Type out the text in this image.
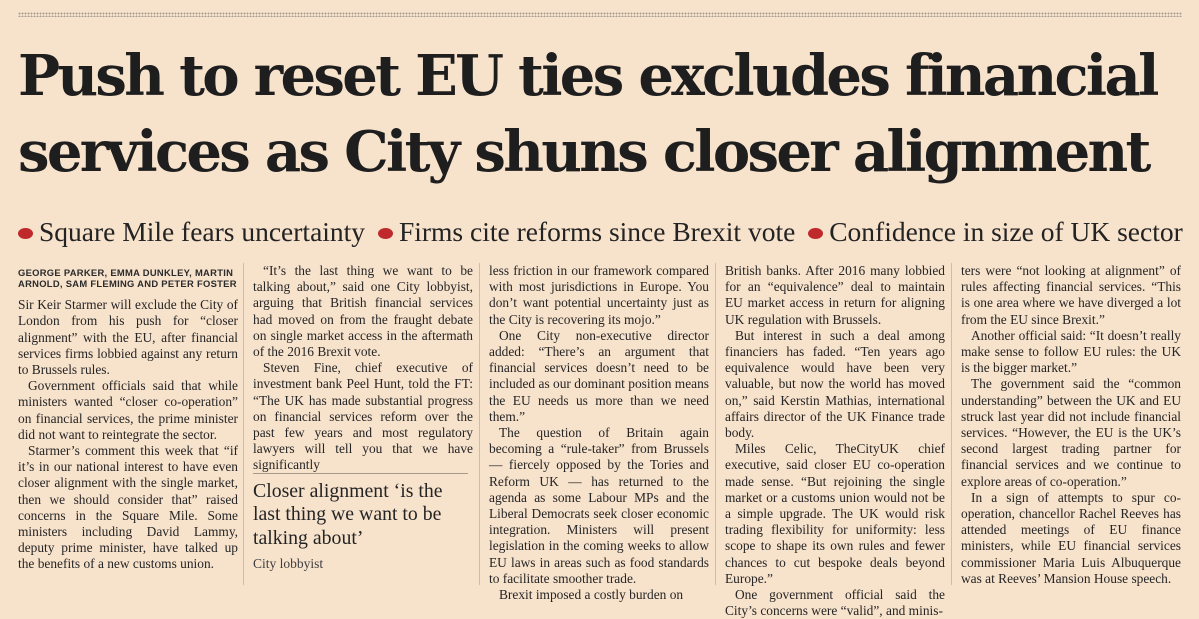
Push to reset EU ties excludes financial
services as City shuns closer alignment
Square Mile fears uncertainty Firms cite reforms since Brexit vote Confidence in size of UK sector
GEORGE PARKER, EMMA DUNKLEY, MARTIN ARNOLD, SAM FLEMING AND PETER FOSTER

Sir Keir Starmer will exclude the City of London from his push for “closer alignment” with the EU, after financial services firms lobbied against any return to Brussels rules.

Government officials said that while ministers wanted “closer co-operation” on financial services, the prime minister did not want to reintegrate the sector.

Starmer’s comment this week that “if it’s in our national interest to have even closer alignment with the single market, then we should consider that” raised concerns in the Square Mile. Some ministers including David Lammy, deputy prime minister, have talked up the benefits of a new customs union.

“It’s the last thing we want to be talking about,” said one City lobbyist, arguing that British financial services had moved on from the fraught debate on single market access in the aftermath of the 2016 Brexit vote.

Steven Fine, chief executive of investment bank Peel Hunt, told the FT: “The UK has made substantial progress on financial services reform over the past few years and most regulatory lawyers will tell you that we have significantly

Closer alignment ‘is the last thing we want to be talking about’
City lobbyist

less friction in our framework compared with most jurisdictions in Europe. You don’t want potential uncertainty just as the City is recovering its mojo.”

One City non-executive director added: “There’s an argument that financial services doesn’t need to be included as our dominant position means the EU needs us more than we need them.”

The question of Britain again becoming a “rule-taker” from Brussels — fiercely opposed by the Tories and Reform UK — has returned to the agenda as some Labour MPs and the Liberal Democrats seek closer economic integration. Ministers will present legislation in the coming weeks to allow EU laws in areas such as food standards to facilitate smoother trade.

Brexit imposed a costly burden on

British banks. After 2016 many lobbied for an “equivalence” deal to maintain EU market access in return for aligning UK regulation with Brussels.

But interest in such a deal among financiers has faded. “Ten years ago equivalence would have been very valuable, but now the world has moved on,” said Kerstin Mathias, international affairs director of the UK Finance trade body.

Miles Celic, TheCityUK chief executive, said closer EU co-operation made sense. “But rejoining the single market or a customs union would not be a simple upgrade. The UK would risk trading flexibility for uniformity: less scope to shape its own rules and fewer chances to cut bespoke deals beyond Europe.”

One government official said the City’s concerns were “valid”, and minis-

ters were “not looking at alignment” of rules affecting financial services. “This is one area where we have diverged a lot from the EU since Brexit.”

Another official said: “It doesn’t really make sense to follow EU rules: the UK is the bigger market.”

The government said the “common understanding” between the UK and EU struck last year did not include financial services. “However, the EU is the UK’s second largest trading partner for financial services and we continue to explore areas of co-operation.”

In a sign of attempts to spur co-operation, chancellor Rachel Reeves has attended meetings of EU finance ministers, while EU financial services commissioner Maria Luis Albuquerque was at Reeves’ Mansion House speech.
